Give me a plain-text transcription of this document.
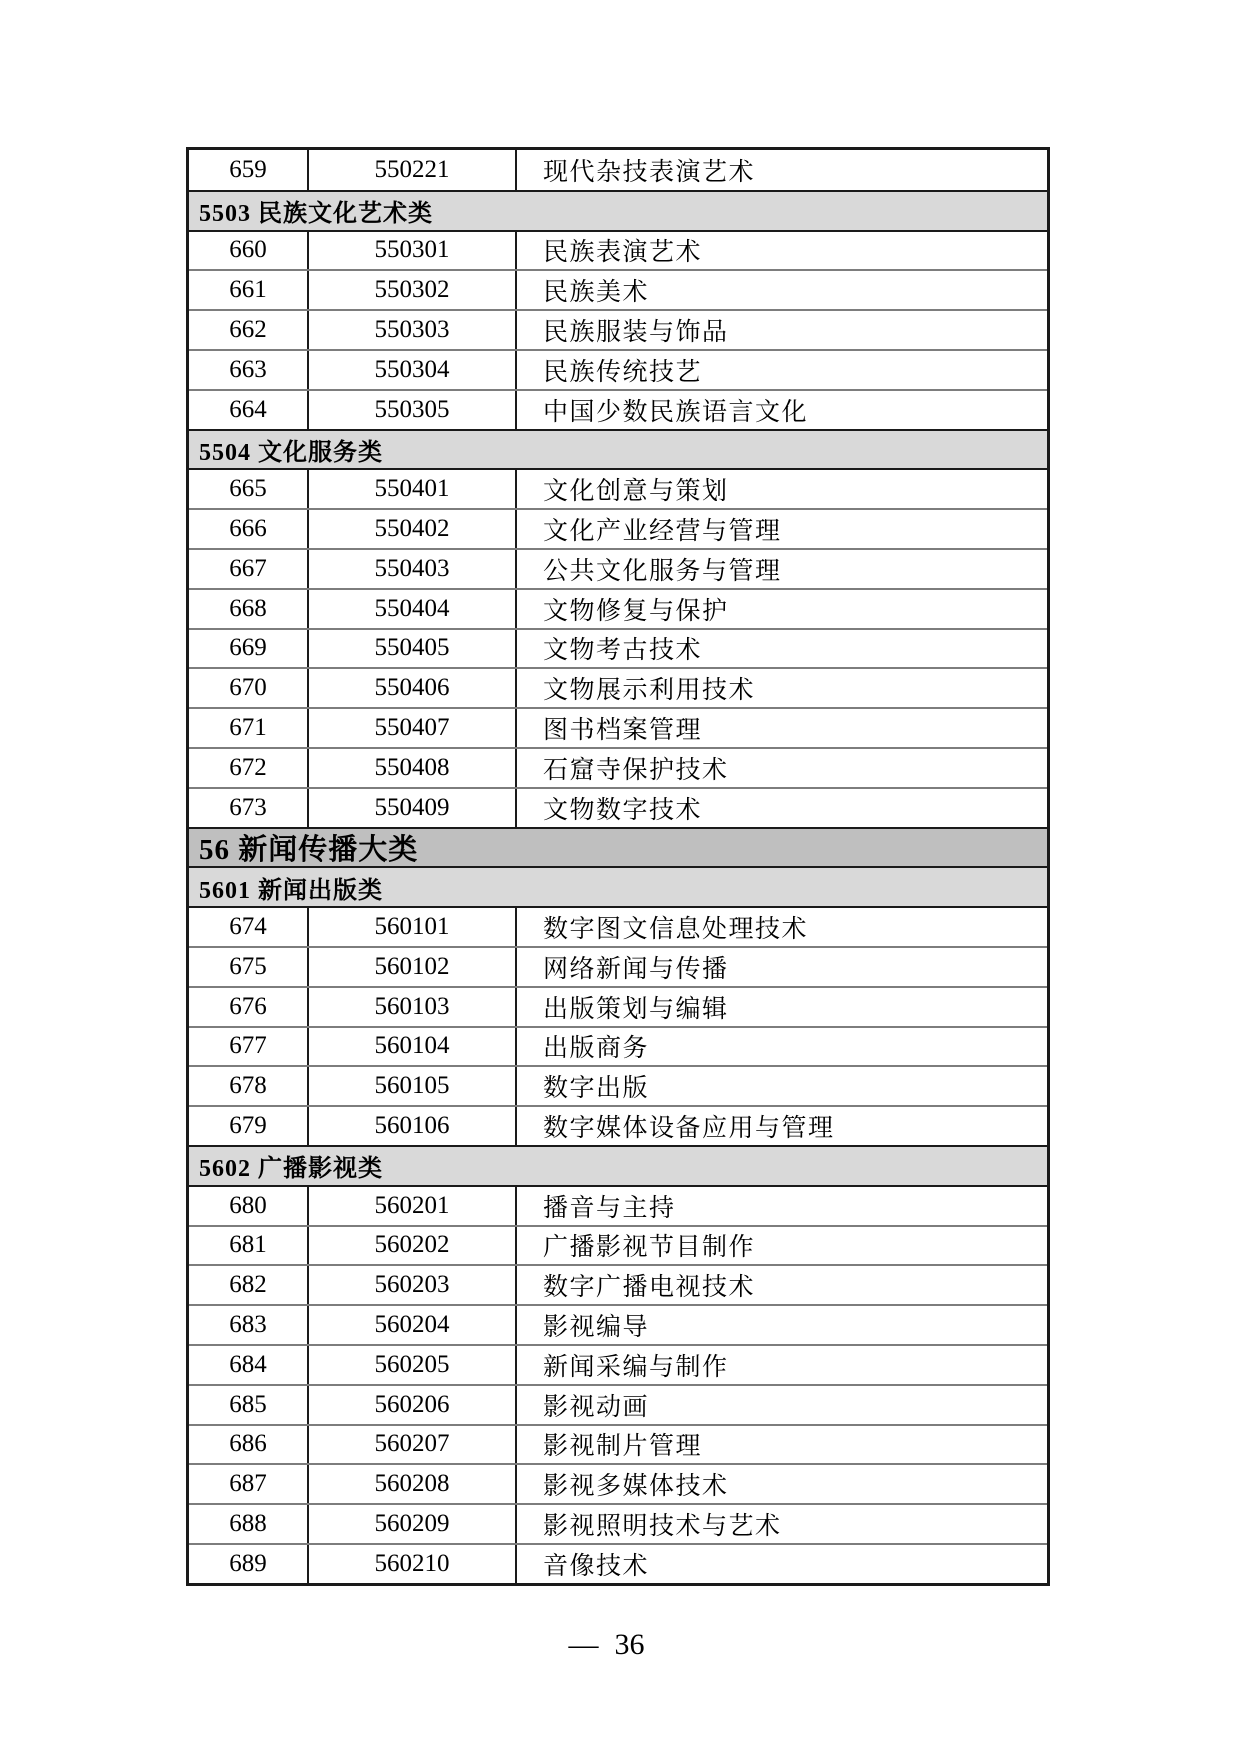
659	550221	现代杂技表演艺术
5503 民族文化艺术类
660	550301	民族表演艺术
661	550302	民族美术
662	550303	民族服装与饰品
663	550304	民族传统技艺
664	550305	中国少数民族语言文化
5504 文化服务类
665	550401	文化创意与策划
666	550402	文化产业经营与管理
667	550403	公共文化服务与管理
668	550404	文物修复与保护
669	550405	文物考古技术
670	550406	文物展示利用技术
671	550407	图书档案管理
672	550408	石窟寺保护技术
673	550409	文物数字技术
56 新闻传播大类
5601 新闻出版类
674	560101	数字图文信息处理技术
675	560102	网络新闻与传播
676	560103	出版策划与编辑
677	560104	出版商务
678	560105	数字出版
679	560106	数字媒体设备应用与管理
5602 广播影视类
680	560201	播音与主持
681	560202	广播影视节目制作
682	560203	数字广播电视技术
683	560204	影视编导
684	560205	新闻采编与制作
685	560206	影视动画
686	560207	影视制片管理
687	560208	影视多媒体技术
688	560209	影视照明技术与艺术
689	560210	音像技术
— 36
